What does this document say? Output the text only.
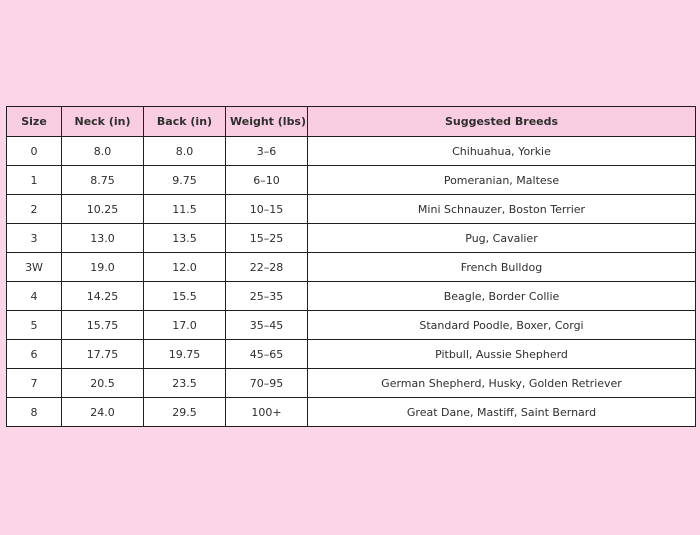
Size	Neck (in)	Back (in)	Weight (lbs)	Suggested Breeds
0	8.0	8.0	3–6	Chihuahua, Yorkie
1	8.75	9.75	6–10	Pomeranian, Maltese
2	10.25	11.5	10–15	Mini Schnauzer, Boston Terrier
3	13.0	13.5	15–25	Pug, Cavalier
3W	19.0	12.0	22–28	French Bulldog
4	14.25	15.5	25–35	Beagle, Border Collie
5	15.75	17.0	35–45	Standard Poodle, Boxer, Corgi
6	17.75	19.75	45–65	Pitbull, Aussie Shepherd
7	20.5	23.5	70–95	German Shepherd, Husky, Golden Retriever
8	24.0	29.5	100+	Great Dane, Mastiff, Saint Bernard
